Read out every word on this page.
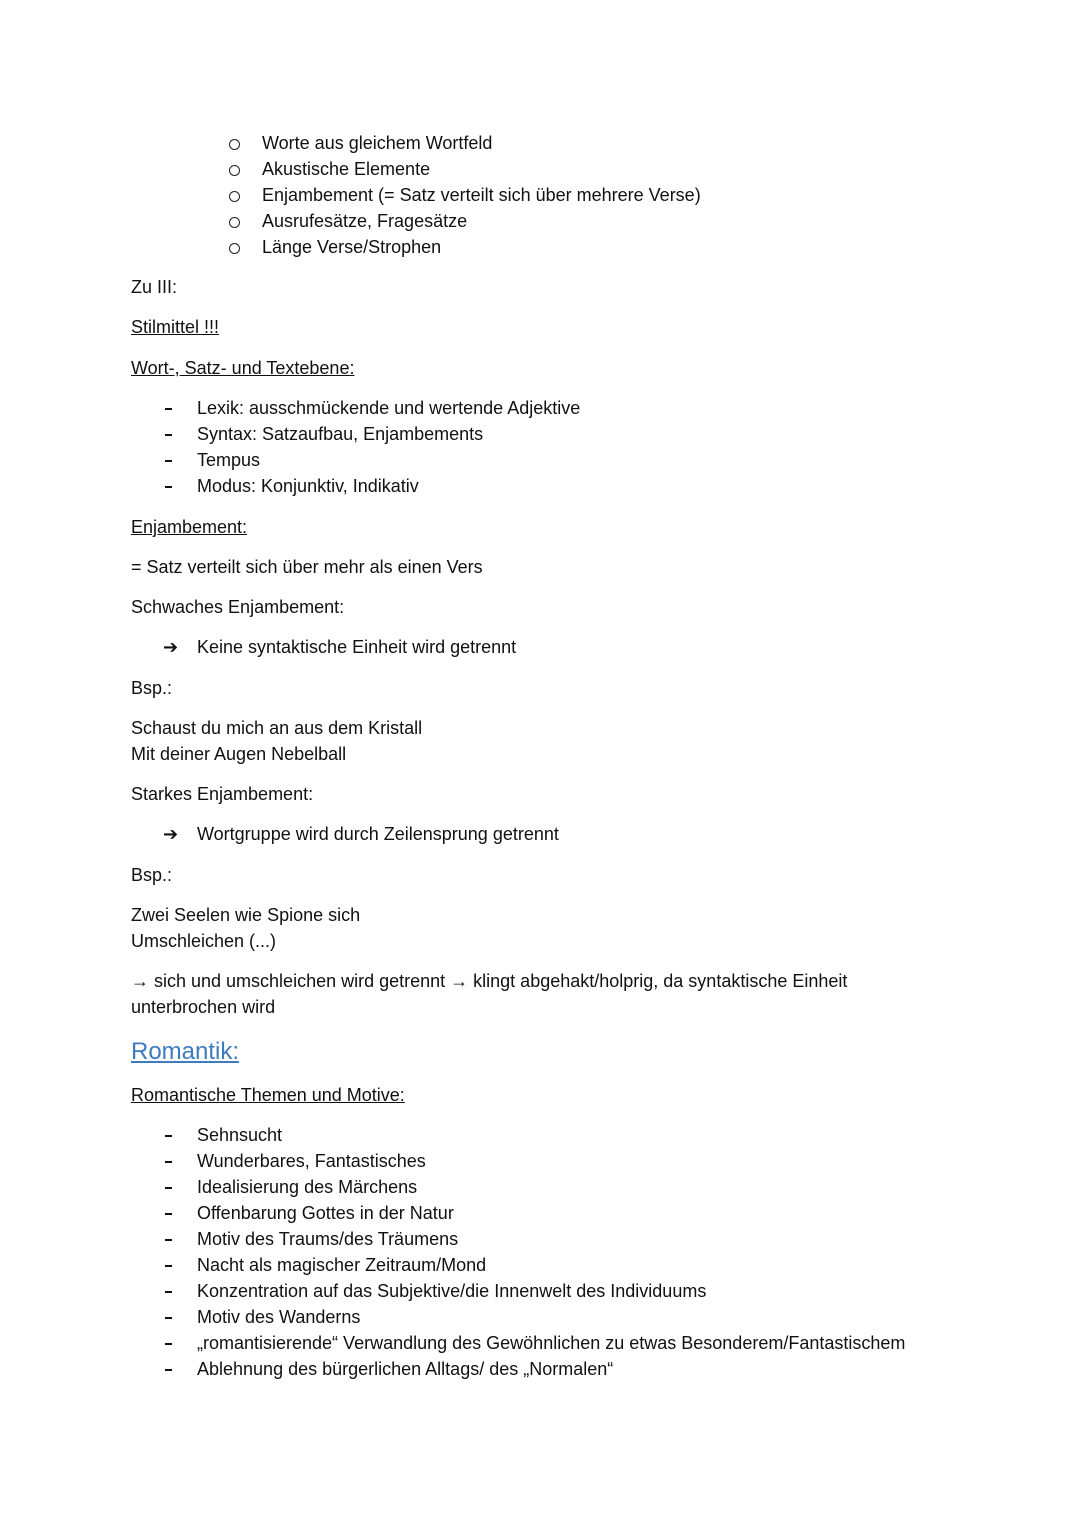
Worte aus gleichem Wortfeld
Akustische Elemente
Enjambement (= Satz verteilt sich über mehrere Verse)
Ausrufesätze, Fragesätze
Länge Verse/Strophen
Zu III:
Stilmittel !!!
Wort-, Satz- und Textebene:
Lexik: ausschmückende und wertende Adjektive
Syntax: Satzaufbau, Enjambements
Tempus
Modus: Konjunktiv, Indikativ
Enjambement:
= Satz verteilt sich über mehr als einen Vers
Schwaches Enjambement:
➔ Keine syntaktische Einheit wird getrennt
Bsp.:
Schaust du mich an aus dem Kristall
Mit deiner Augen Nebelball
Starkes Enjambement:
➔ Wortgruppe wird durch Zeilensprung getrennt
Bsp.:
Zwei Seelen wie Spione sich
Umschleichen (...)
→ sich und umschleichen wird getrennt → klingt abgehakt/holprig, da syntaktische Einheit
unterbrochen wird
Romantik:
Romantische Themen und Motive:
Sehnsucht
Wunderbares, Fantastisches
Idealisierung des Märchens
Offenbarung Gottes in der Natur
Motiv des Traums/des Träumens
Nacht als magischer Zeitraum/Mond
Konzentration auf das Subjektive/die Innenwelt des Individuums
Motiv des Wanderns
„romantisierende“ Verwandlung des Gewöhnlichen zu etwas Besonderem/Fantastischem
Ablehnung des bürgerlichen Alltags/ des „Normalen“
